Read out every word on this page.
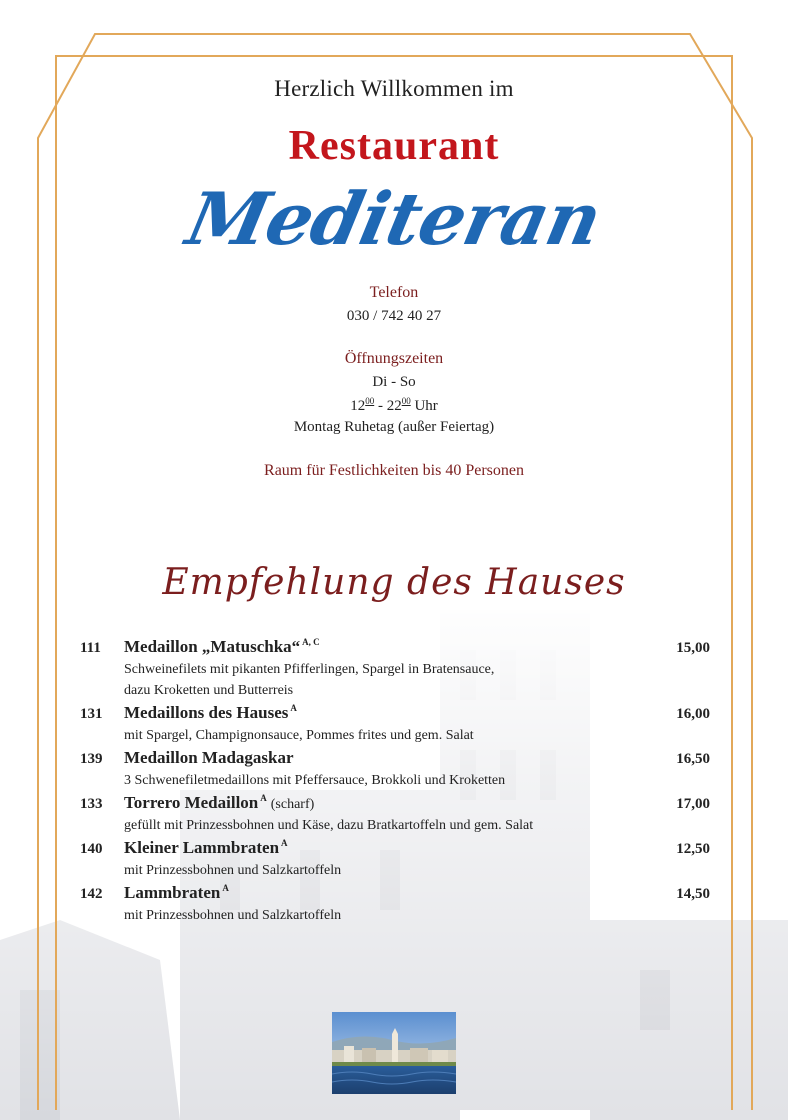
Herzlich Willkommen im
Restaurant
Mediteran
Telefon
030 / 742 40 27
Öffnungszeiten
Di - So
$12^{00} - 22^{00}$ Uhr
Montag Ruhetag (außer Feiertag)
Raum für Festlichkeiten bis 40 Personen
Empfehlung des Hauses
111	Medaillon „Matuschka“ $^{A, C}$	15,00
Schweinefilets mit pikanten Pfifferlingen, Spargel in Bratensauce,
dazu Kroketten und Butterreis
131	Medaillons des Hauses $^A$	16,00
mit Spargel, Champignonsauce, Pommes frites und gem. Salat
139	Medaillon Madagaskar	16,50
3 Schwenefiletmedaillons mit Pfeffersauce, Brokkoli und Kroketten
133	Torrero Medaillon $^A$ (scharf)	17,00
gefüllt mit Prinzessbohnen und Käse, dazu Bratkartoffeln und gem. Salat
140	Kleiner Lammbraten $^A$	12,50
mit Prinzessbohnen und Salzkartoffeln
142	Lammbraten $^A$	14,50
mit Prinzessbohnen und Salzkartoffeln
